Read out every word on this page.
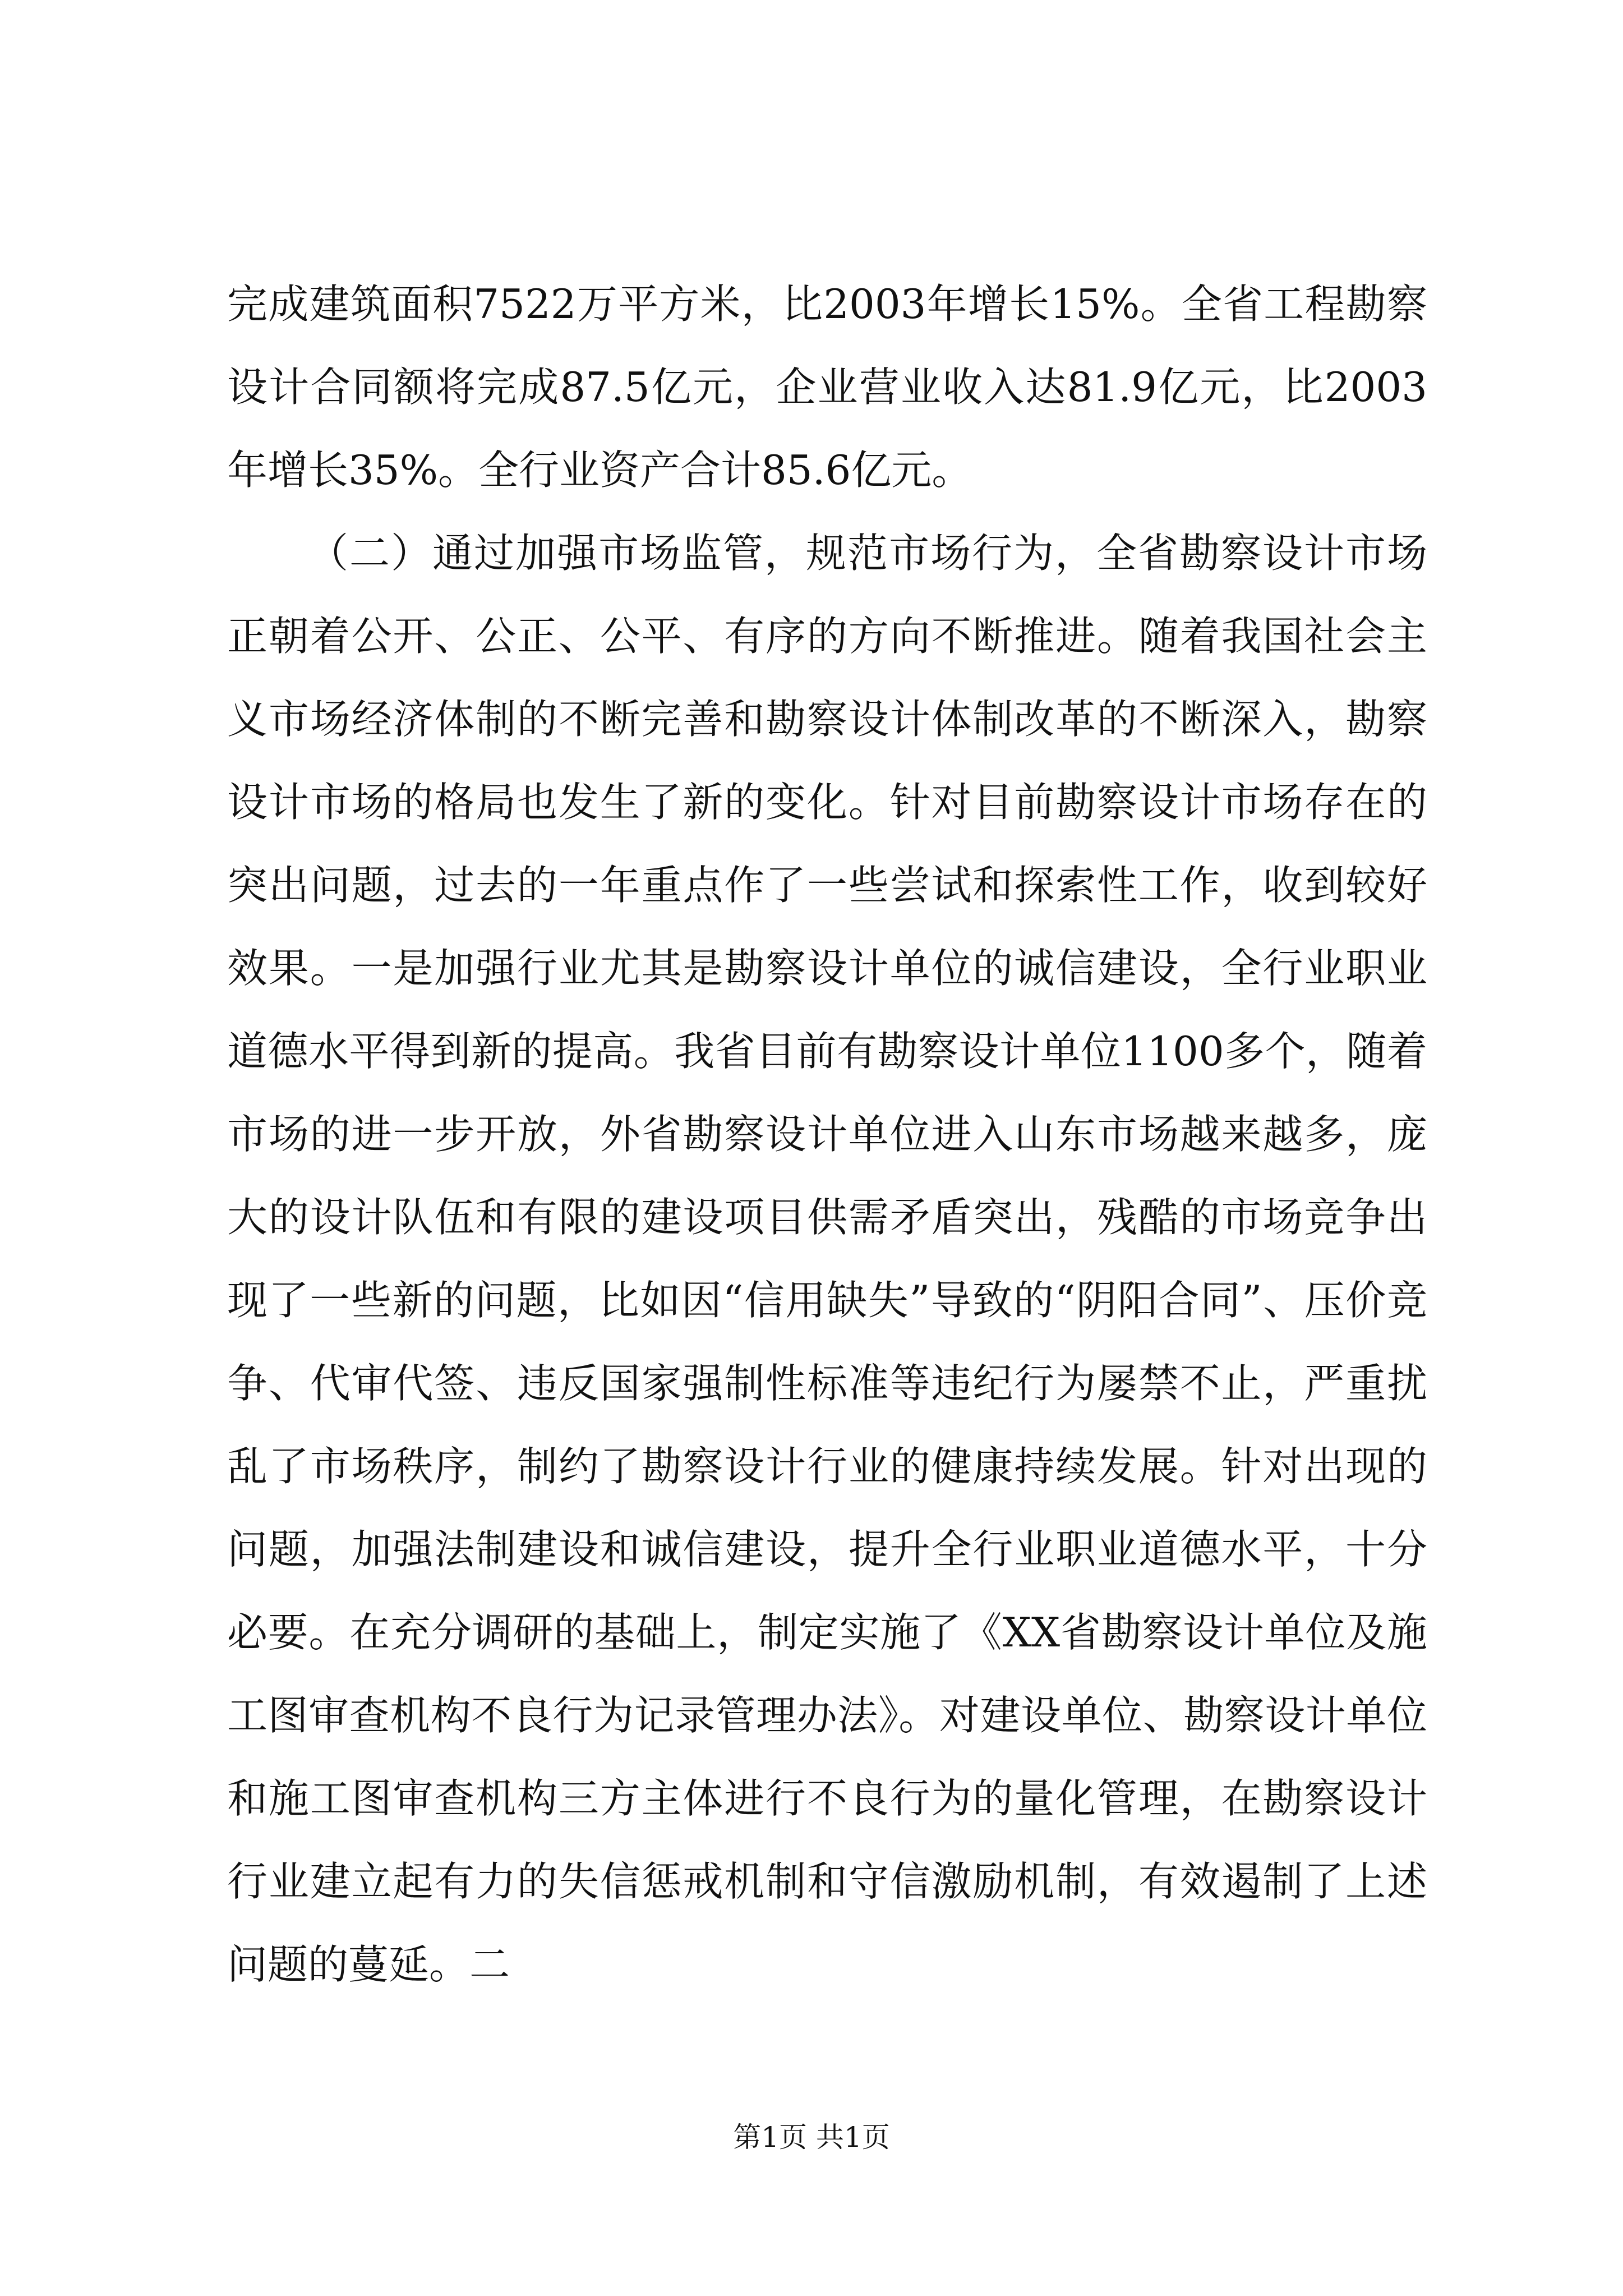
完成建筑面积7522万平方米，比2003年增长15%。全省工程勘察设计合同额将完成87.5亿元，企业营业收入达81.9亿元，比2003年增长35%。全行业资产合计85.6亿元。

（二）通过加强市场监管，规范市场行为，全省勘察设计市场正朝着公开、公正、公平、有序的方向不断推进。随着我国社会主义市场经济体制的不断完善和勘察设计体制改革的不断深入，勘察设计市场的格局也发生了新的变化。针对目前勘察设计市场存在的突出问题，过去的一年重点作了一些尝试和探索性工作，收到较好效果。一是加强行业尤其是勘察设计单位的诚信建设，全行业职业道德水平得到新的提高。我省目前有勘察设计单位1100多个，随着市场的进一步开放，外省勘察设计单位进入山东市场越来越多，庞大的设计队伍和有限的建设项目供需矛盾突出，残酷的市场竞争出现了一些新的问题，比如因“信用缺失”导致的“阴阳合同”、压价竞争、代审代签、违反国家强制性标准等违纪行为屡禁不止，严重扰乱了市场秩序，制约了勘察设计行业的健康持续发展。针对出现的问题，加强法制建设和诚信建设，提升全行业职业道德水平，十分必要。在充分调研的基础上，制定实施了《XX省勘察设计单位及施工图审查机构不良行为记录管理办法》。对建设单位、勘察设计单位和施工图审查机构三方主体进行不良行为的量化管理，在勘察设计行业建立起有力的失信惩戒机制和守信激励机制，有效遏制了上述问题的蔓延。二

第1页 共1页
